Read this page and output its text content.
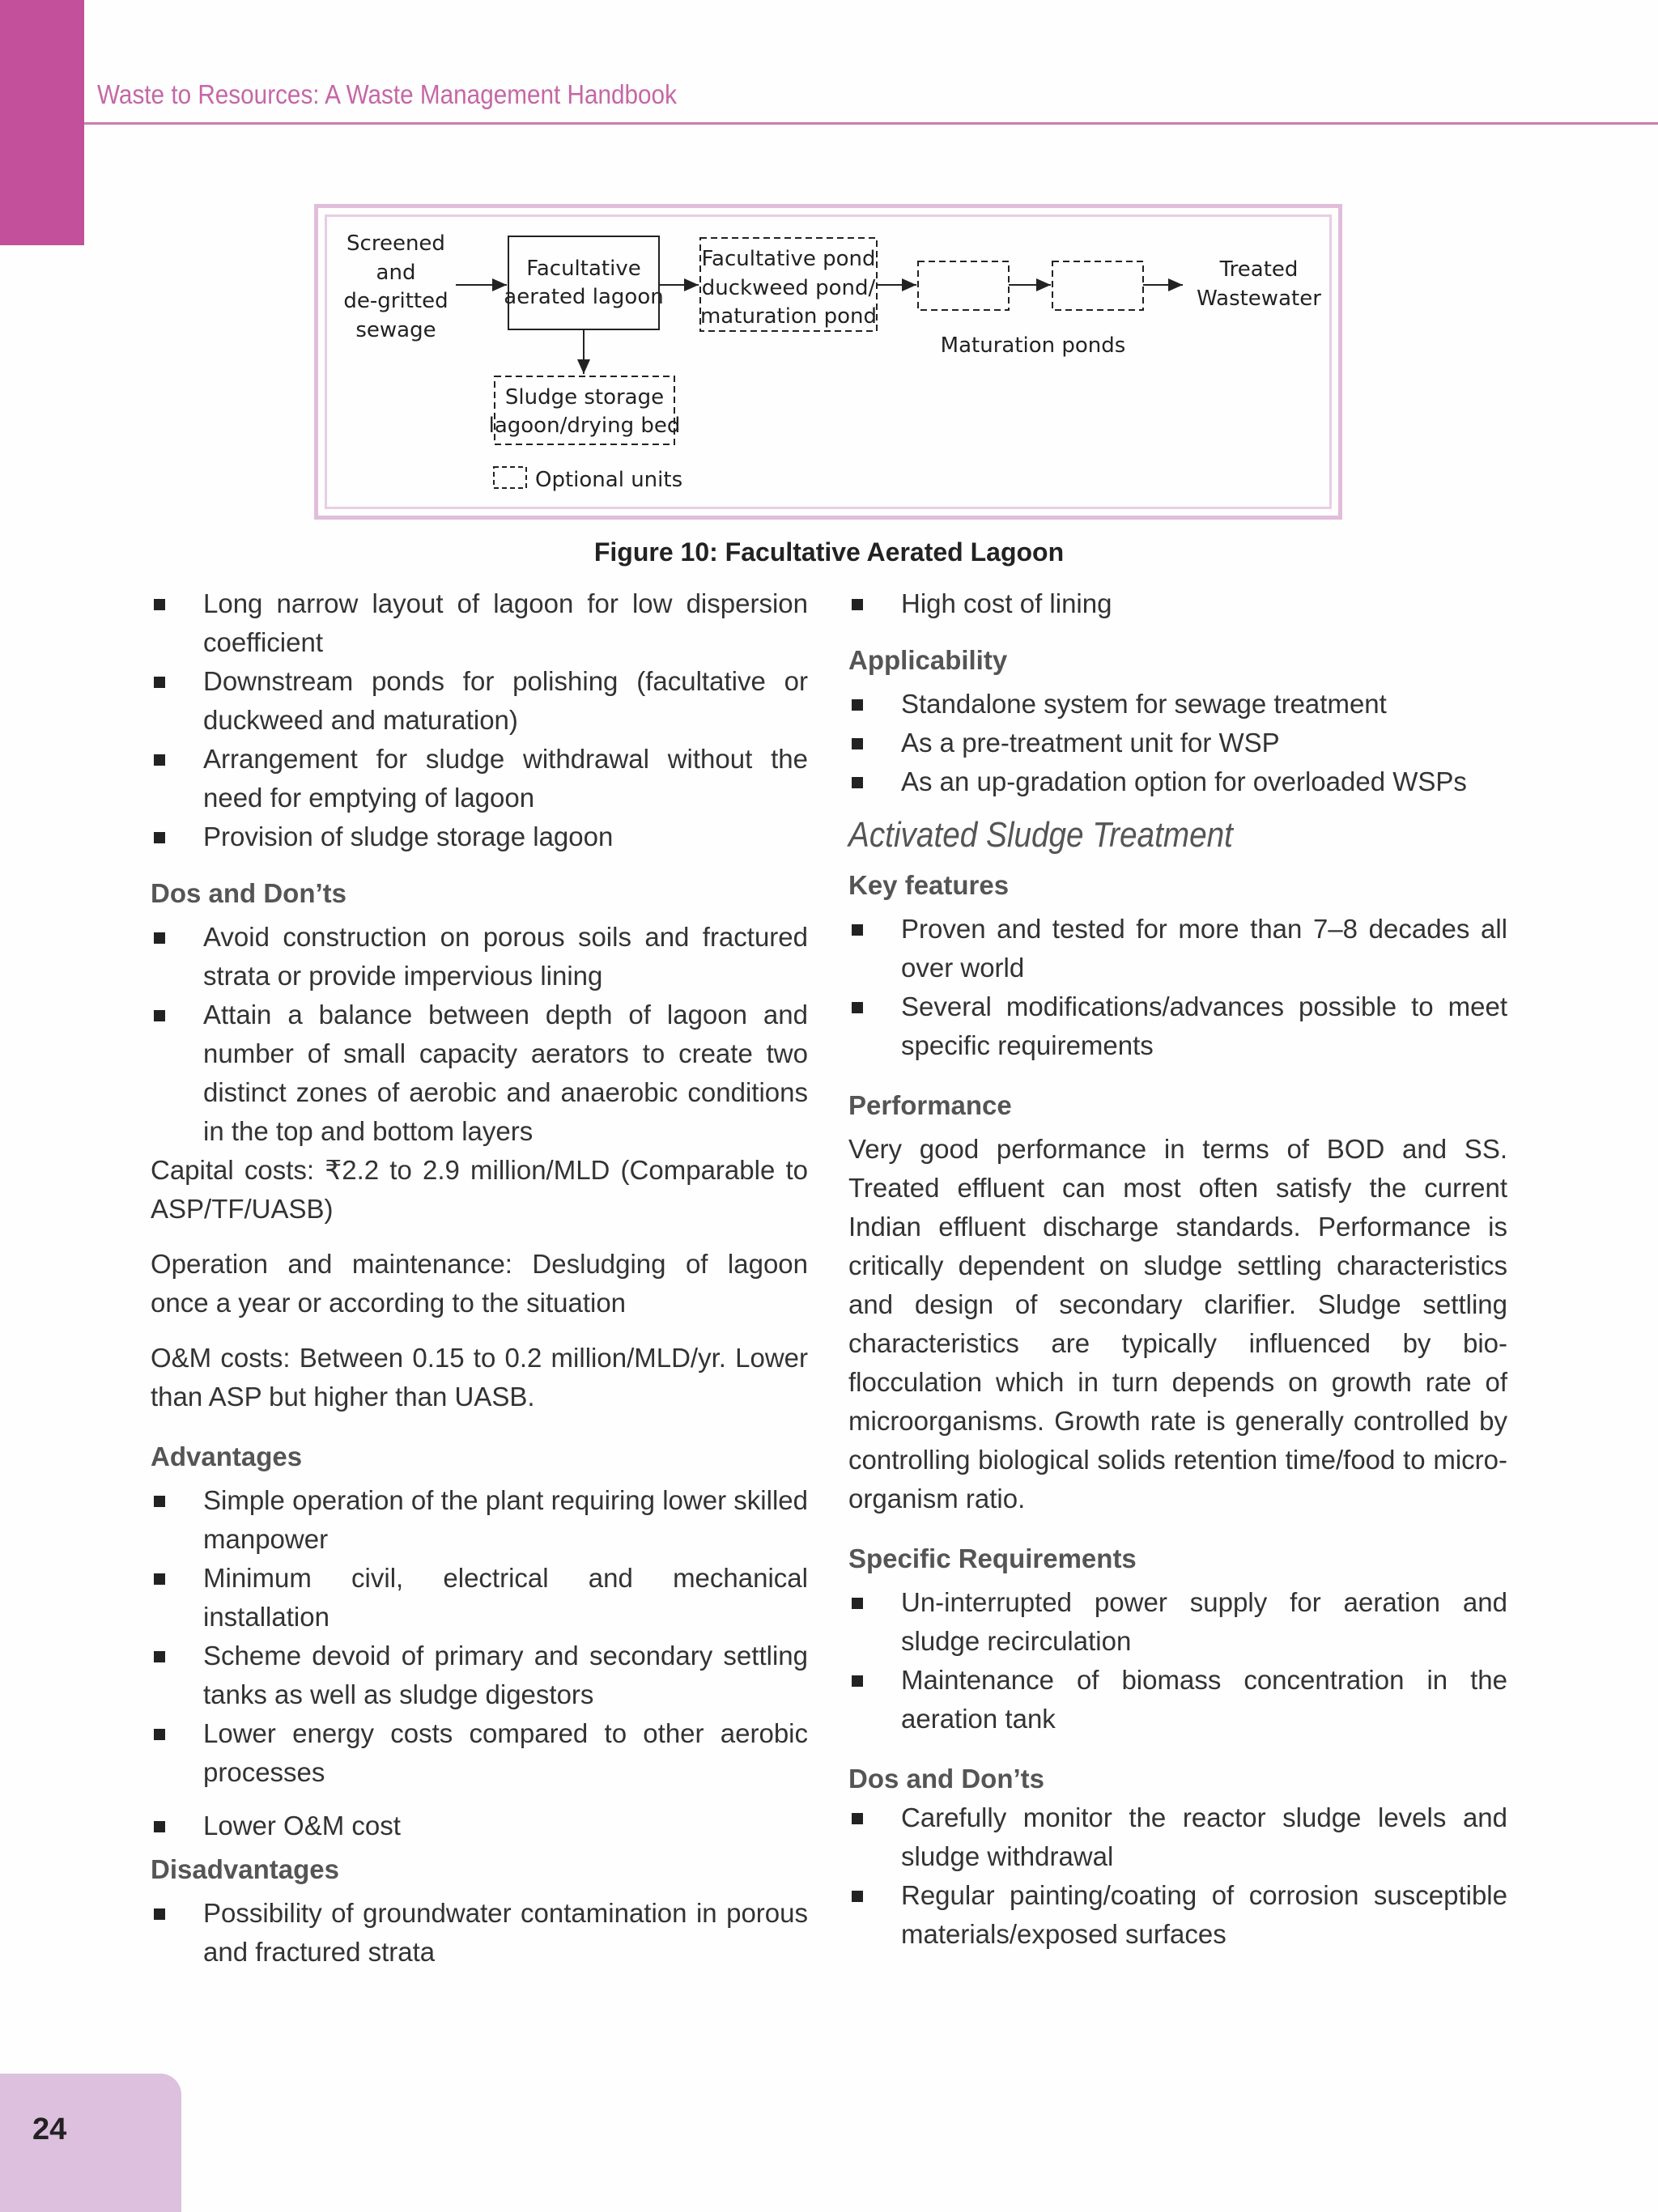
Waste to Resources: A Waste Management Handbook
Screened
and
de-gritted
sewage
Facultative
aerated lagoon
Facultative pond
duckweed pond/
maturation pond
Maturation ponds
Treated
Wastewater
Sludge storage
lagoon/drying bed
Optional units
Figure 10: Facultative Aerated Lagoon
Long narrow layout of lagoon for low dispersion coefficient
Downstream ponds for polishing (facultative or duckweed and maturation)
Arrangement for sludge withdrawal without the need for emptying of lagoon
Provision of sludge storage lagoon

Dos and Don’ts

Avoid construction on porous soils and fractured strata or provide impervious lining
Attain a balance between depth of lagoon and number of small capacity aerators to create two distinct zones of aerobic and anaerobic conditions in the top and bottom layers

Capital costs: ₹2.2 to 2.9 million/MLD (Comparable to ASP/TF/UASB)

Operation and maintenance: Desludging of lagoon once a year or according to the situation

O&M costs: Between 0.15 to 0.2 million/MLD/yr. Lower than ASP but higher than UASB.

Advantages

Simple operation of the plant requiring lower skilled manpower
Minimum civil, electrical and mechanical installation
Scheme devoid of primary and secondary settling tanks as well as sludge digestors
Lower energy costs compared to other aerobic processes
Lower O&M cost

Disadvantages

Possibility of groundwater contamination in porous and fractured strata
High cost of lining

Applicability

Standalone system for sewage treatment
As a pre-treatment unit for WSP
As an up-gradation option for overloaded WSPs

Activated Sludge Treatment

Key features

Proven and tested for more than 7–8 decades all over world
Several modifications/advances possible to meet specific requirements

Performance

Very good performance in terms of BOD and SS. Treated effluent can most often satisfy the current Indian effluent discharge standards. Performance is critically dependent on sludge settling characteristics and design of secondary clarifier. Sludge settling characteristics are typically influenced by bio-flocculation which in turn depends on growth rate of microorganisms. Growth rate is generally controlled by controlling biological solids retention time/food to micro-organism ratio.

Specific Requirements

Un-interrupted power supply for aeration and sludge recirculation
Maintenance of biomass concentration in the aeration tank

Dos and Don’ts

Carefully monitor the reactor sludge levels and sludge withdrawal
Regular painting/coating of corrosion susceptible materials/exposed surfaces
24
